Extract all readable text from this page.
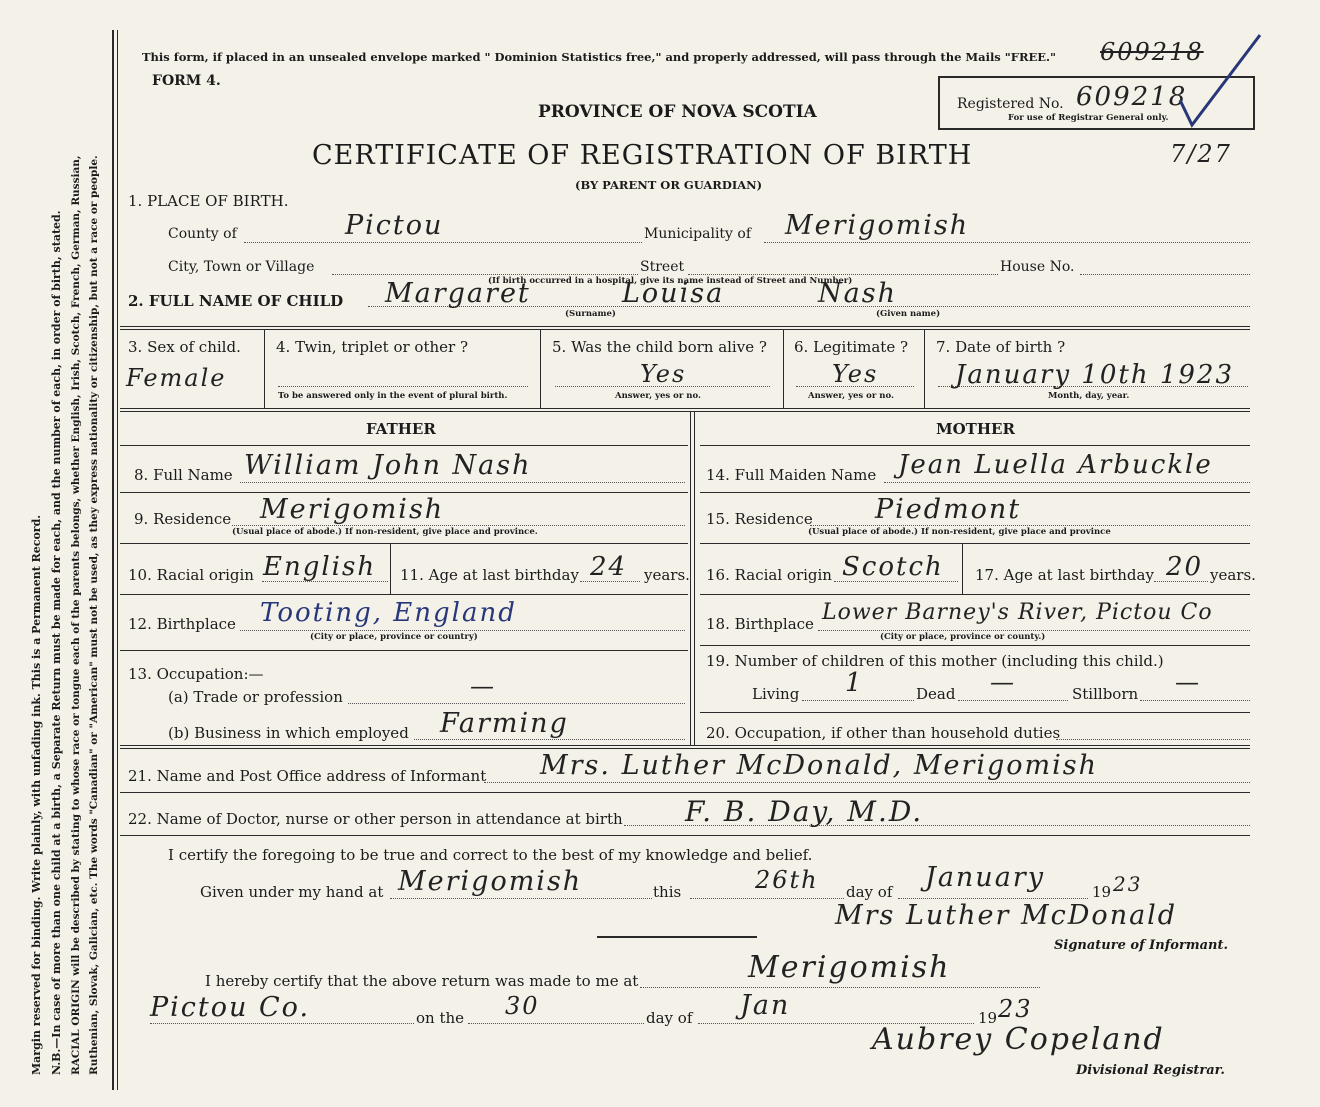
Margin reserved for binding. Write plainly, with unfading ink. This is a Permanent Record. N.B.—In case of more than one child at a birth, a Separate Return must be made for each, and the number of each, in order of birth, stated. RACIAL ORIGIN will be described by stating to whose race or tongue each of the parents belongs, whether English, Irish, Scotch, French, German, Russian, Ruthenian, Slovak, Galician, etc. The words "Canadian" or "American" must not be used, as they express nationality or citizenship, but not a race or people.
This form, if placed in an unsealed envelope marked " Dominion Statistics free," and properly addressed, will pass through the Mails "FREE."
FORM 4.
609218
Registered No. 609218
For use of Registrar General only.
PROVINCE OF NOVA SCOTIA
CERTIFICATE OF REGISTRATION OF BIRTH
(BY PARENT OR GUARDIAN)
7/27
1. PLACE OF BIRTH.
County of	Pictou	Municipality of Merigomish
City, Town or Village	Street	House No.
(If birth occurred in a hospital, give its name instead of Street and Number)
2. FULL NAME OF CHILD Margaret	Louisa	Nash
(Surname)	(Given name)
3. Sex of child.
Female
4. Twin, triplet or other ?
To be answered only in the event of plural birth.
5. Was the child born alive ?
Yes
Answer, yes or no.
6. Legitimate ?
Yes
Answer, yes or no.
7. Date of birth ?
January 10th 1923
Month, day, year.
FATHER	MOTHER
8. Full Name William John Nash	14. Full Maiden Name Jean Luella Arbuckle
9. Residence Merigomish
(Usual place of abode.) If non-resident, give place and province.
15. Residence Piedmont
(Usual place of abode.) If non-resident, give place and province
10. Racial origin English 11. Age at last birthday 24 years. 16. Racial origin Scotch 17. Age at last birthday 20 years.
12. Birthplace Tooting, England
(City or place, province or country)
18. Birthplace Lower Barney's River, Pictou Co
(City or place, province or county.)
13. Occupation:—
(a) Trade or profession	—
(b) Business in which employed Farming
19. Number of children of this mother (including this child.)
Living 1	Dead —	Stillborn —
20. Occupation, if other than household duties
21. Name and Post Office address of Informant Mrs. Luther McDonald, Merigomish
22. Name of Doctor, nurse or other person in attendance at birth F. B. Day, M.D.
I certify the foregoing to be true and correct to the best of my knowledge and belief.
Given under my hand at Merigomish	this	26th day of January	19 23
Mrs Luther McDonald
Signature of Informant.
I hereby certify that the above return was made to me at	Merigomish
Pictou Co.	on the 30	day of Jan	19 23
Aubrey Copeland
Divisional Registrar.
